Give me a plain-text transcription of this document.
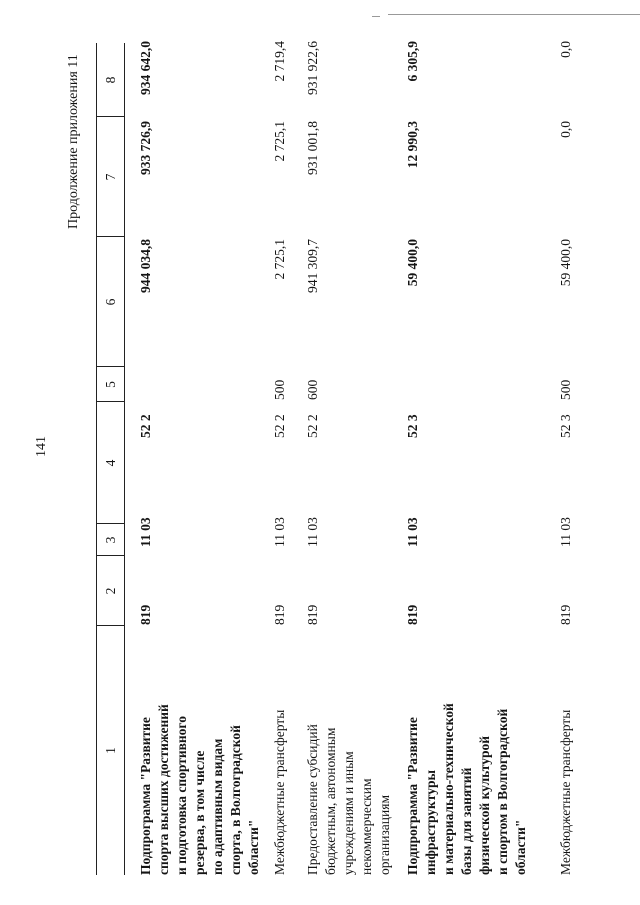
141
Продолжение приложения 11
1
2
3
4
5
6
7
8
Подпрограмма "Развитие спорта высших достижений и подготовка спортивного резерва, в том числе по адаптивным видам спорта, в Волгоградской области"
819
11 03
52 2
944 034,8
933 726,9
934 642,0
Межбюджетные трансферты
819
11 03
52 2
500
2 725,1
2 725,1
2 719,4
Предоставление субсидий бюджетным, автономным учреждениям и иным некоммерческим организациям
819
11 03
52 2
600
941 309,7
931 001,8
931 922,6
Подпрограмма "Развитие инфраструктуры и материально-технической базы для занятий физической культурой и спортом в Волгоградской области"
819
11 03
52 3
59 400,0
12 990,3
6 305,9
Межбюджетные трансферты
819
11 03
52 3
500
59 400,0
0,0
0,0
